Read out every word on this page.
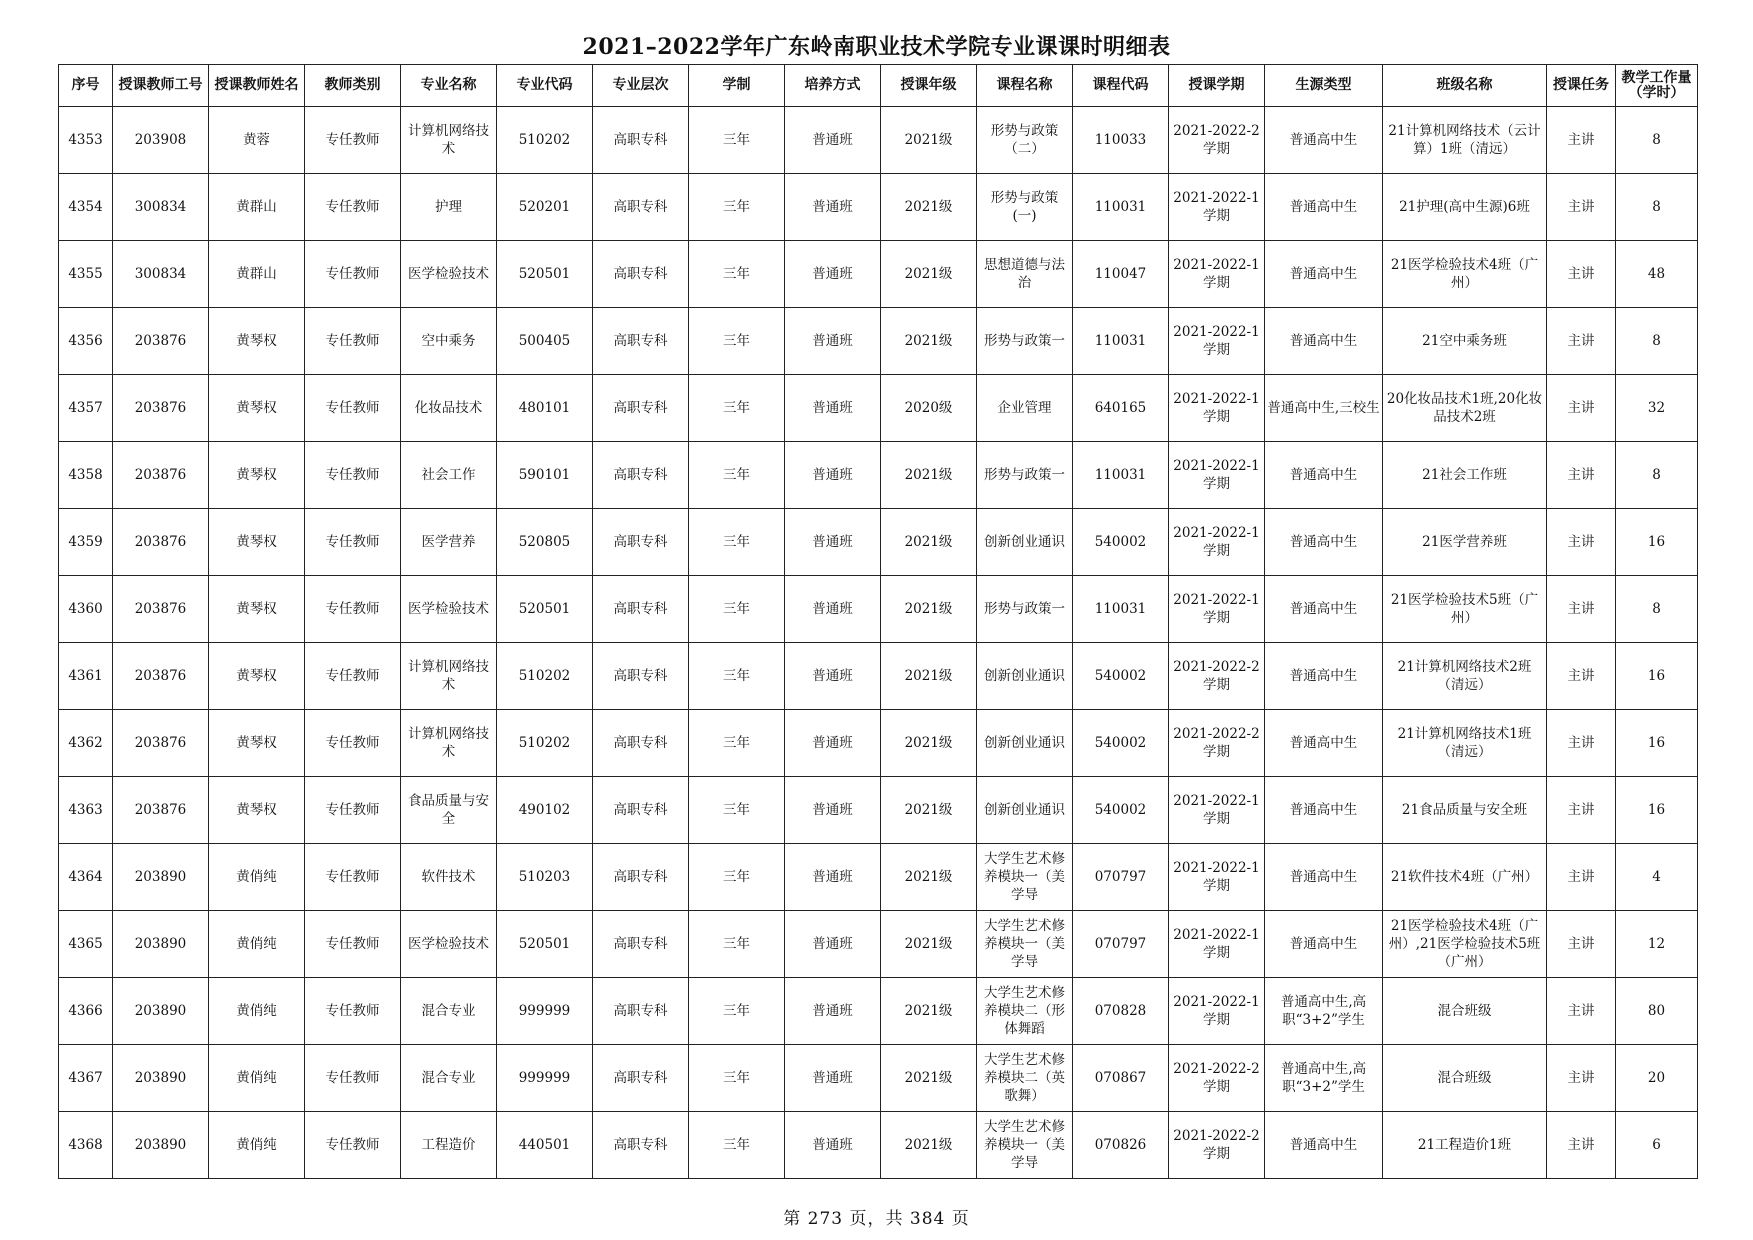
2021–2022学年广东岭南职业技术学院专业课课时明细表
序号	授课教师工号	授课教师姓名	教师类别	专业名称	专业代码	专业层次	学制	培养方式	授课年级	课程名称	课程代码	授课学期	生源类型	班级名称	授课任务	教学工作量（学时）

4353	203908	黄蓉	专任教师	计算机网络技术	510202	高职专科	三年	普通班	2021级	形势与政策（二）	110033	2021-2022-2学期	普通高中生	21计算机网络技术（云计算）1班（清远）	主讲	8

4354	300834	黄群山	专任教师	护理	520201	高职专科	三年	普通班	2021级	形势与政策(一)	110031	2021-2022-1学期	普通高中生	21护理(高中生源)6班	主讲	8

4355	300834	黄群山	专任教师	医学检验技术	520501	高职专科	三年	普通班	2021级	思想道德与法治	110047	2021-2022-1学期	普通高中生	21医学检验技术4班（广州）	主讲	48

4356	203876	黄琴权	专任教师	空中乘务	500405	高职专科	三年	普通班	2021级	形势与政策一	110031	2021-2022-1学期	普通高中生	21空中乘务班	主讲	8

4357	203876	黄琴权	专任教师	化妆品技术	480101	高职专科	三年	普通班	2020级	企业管理	640165	2021-2022-1学期	普通高中生,三校生	20化妆品技术1班,20化妆品技术2班	主讲	32

4358	203876	黄琴权	专任教师	社会工作	590101	高职专科	三年	普通班	2021级	形势与政策一	110031	2021-2022-1学期	普通高中生	21社会工作班	主讲	8

4359	203876	黄琴权	专任教师	医学营养	520805	高职专科	三年	普通班	2021级	创新创业通识	540002	2021-2022-1学期	普通高中生	21医学营养班	主讲	16

4360	203876	黄琴权	专任教师	医学检验技术	520501	高职专科	三年	普通班	2021级	形势与政策一	110031	2021-2022-1学期	普通高中生	21医学检验技术5班（广州）	主讲	8

4361	203876	黄琴权	专任教师	计算机网络技术	510202	高职专科	三年	普通班	2021级	创新创业通识	540002	2021-2022-2学期	普通高中生	21计算机网络技术2班（清远）	主讲	16

4362	203876	黄琴权	专任教师	计算机网络技术	510202	高职专科	三年	普通班	2021级	创新创业通识	540002	2021-2022-2学期	普通高中生	21计算机网络技术1班（清远）	主讲	16

4363	203876	黄琴权	专任教师	食品质量与安全	490102	高职专科	三年	普通班	2021级	创新创业通识	540002	2021-2022-1学期	普通高中生	21食品质量与安全班	主讲	16

4364	203890	黄俏纯	专任教师	软件技术	510203	高职专科	三年	普通班	2021级	大学生艺术修养模块一（美学导	070797	2021-2022-1学期	普通高中生	21软件技术4班（广州）	主讲	4

4365	203890	黄俏纯	专任教师	医学检验技术	520501	高职专科	三年	普通班	2021级	大学生艺术修养模块一（美学导	070797	2021-2022-1学期	普通高中生	21医学检验技术4班（广州）,21医学检验技术5班（广州）	主讲	12

4366	203890	黄俏纯	专任教师	混合专业	999999	高职专科	三年	普通班	2021级	大学生艺术修养模块二（形体舞蹈	070828	2021-2022-1学期	普通高中生,高职“3+2”学生	混合班级	主讲	80

4367	203890	黄俏纯	专任教师	混合专业	999999	高职专科	三年	普通班	2021级	大学生艺术修养模块二（英歌舞）	070867	2021-2022-2学期	普通高中生,高职“3+2”学生	混合班级	主讲	20

4368	203890	黄俏纯	专任教师	工程造价	440501	高职专科	三年	普通班	2021级	大学生艺术修养模块一（美学导	070826	2021-2022-2学期	普通高中生	21工程造价1班	主讲	6
第 273 页，共 384 页
